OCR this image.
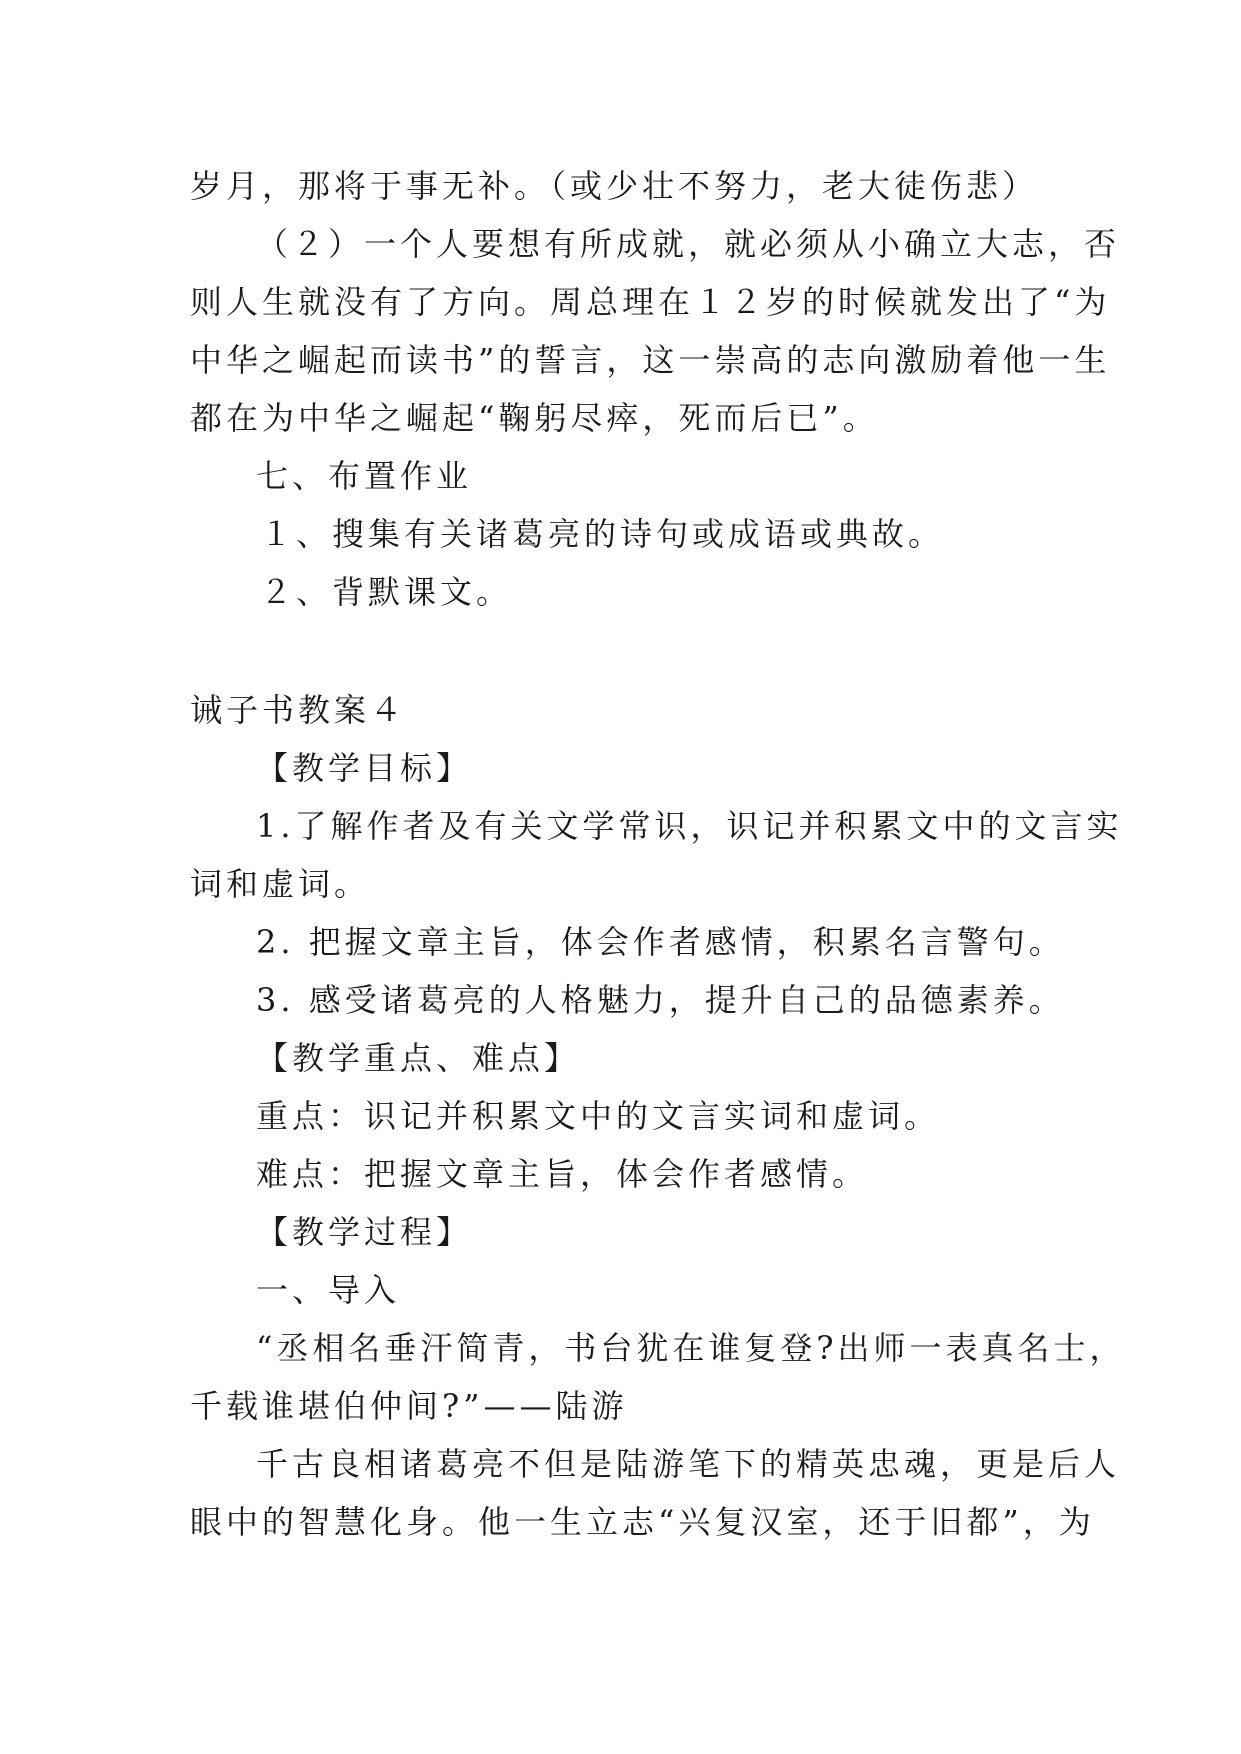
岁月，那将于事无补。（或少壮不努力，老大徒伤悲）
（２）一个人要想有所成就，就必须从小确立大志，否
则人生就没有了方向。周总理在１２岁的时候就发出了“为
中华之崛起而读书”的誓言，这一崇高的志向激励着他一生
都在为中华之崛起“鞠躬尽瘁，死而后已”。
七、布置作业
１、搜集有关诸葛亮的诗句或成语或典故。
２、背默课文。
诫子书教案４
【教学目标】
1.了解作者及有关文学常识，识记并积累文中的文言实
词和虚词。
2. 把握文章主旨，体会作者感情，积累名言警句。
3. 感受诸葛亮的人格魅力，提升自己的品德素养。
【教学重点、难点】
重点：识记并积累文中的文言实词和虚词。
难点：把握文章主旨，体会作者感情。
【教学过程】
一、导入
“丞相名垂汗简青，书台犹在谁复登?出师一表真名士，
千载谁堪伯仲间?”——陆游
千古良相诸葛亮不但是陆游笔下的精英忠魂，更是后人
眼中的智慧化身。他一生立志“兴复汉室，还于旧都”，为
